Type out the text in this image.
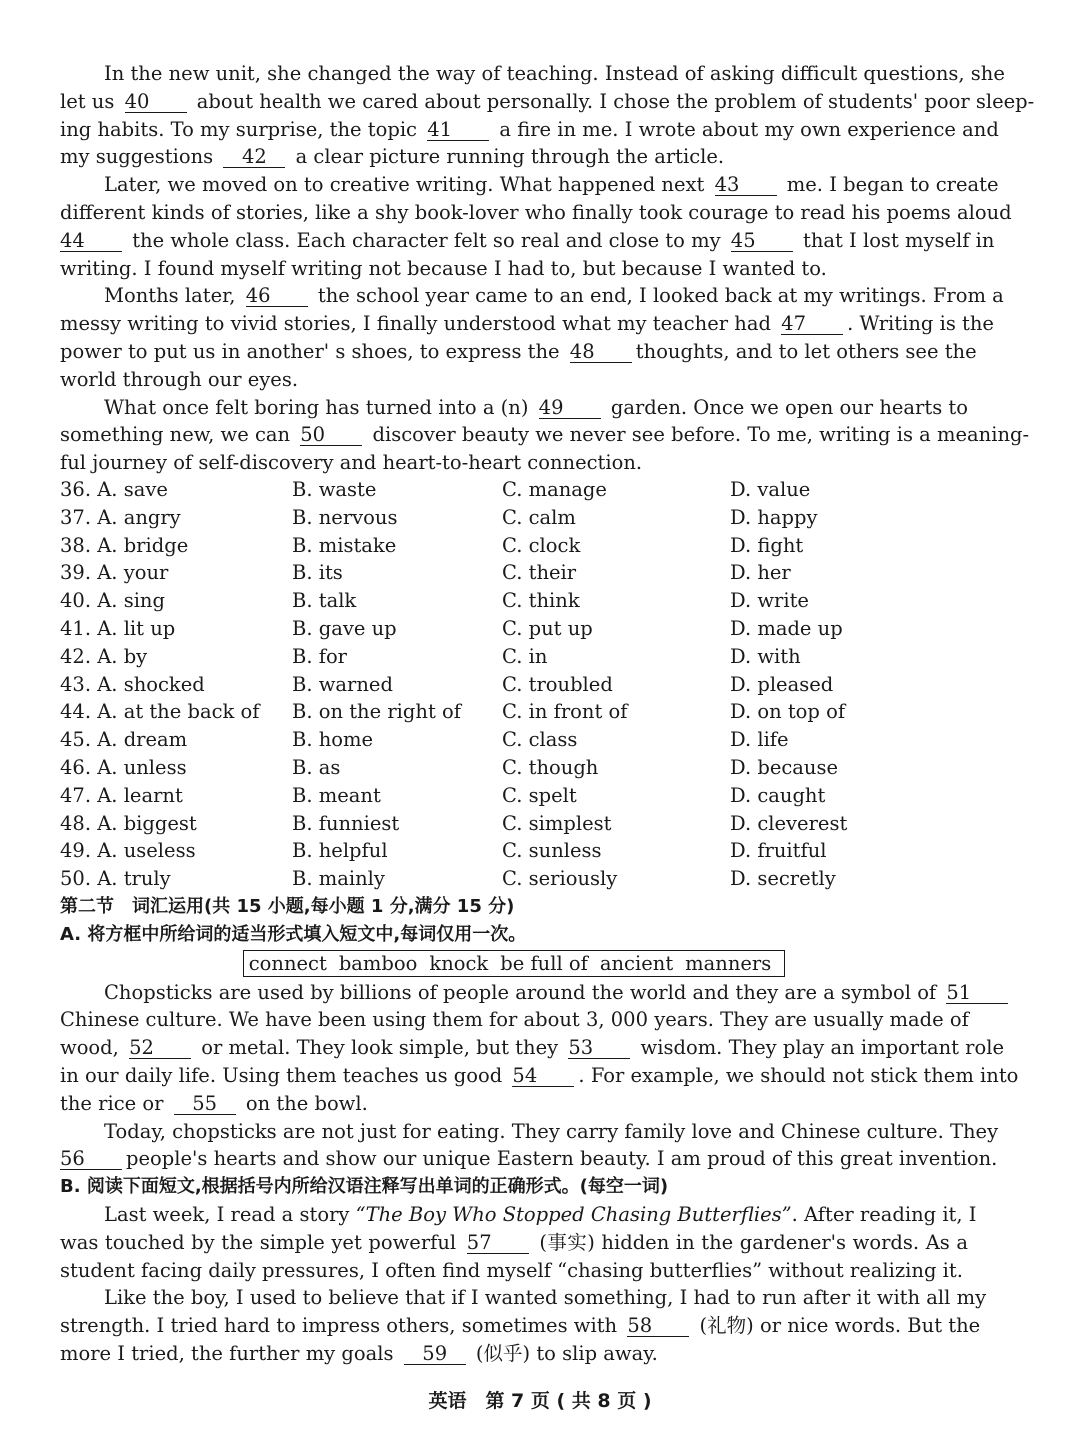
In the new unit, she changed the way of teaching. Instead of asking difficult questions, she
let us 40 about health we cared about personally. I chose the problem of students' poor sleep-
ing habits. To my surprise, the topic 41 a fire in me. I wrote about my own experience and
my suggestions 42 a clear picture running through the article.
Later, we moved on to creative writing. What happened next 43 me. I began to create
different kinds of stories, like a shy book-lover who finally took courage to read his poems aloud
44 the whole class. Each character felt so real and close to my 45 that I lost myself in
writing. I found myself writing not because I had to, but because I wanted to.
Months later, 46 the school year came to an end, I looked back at my writings. From a
messy writing to vivid stories, I finally understood what my teacher had 47 . Writing is the
power to put us in another' s shoes, to express the 48 thoughts, and to let others see the
world through our eyes.
What once felt boring has turned into a (n) 49 garden. Once we open our hearts to
something new, we can 50 discover beauty we never see before. To me, writing is a meaning-
ful journey of self-discovery and heart-to-heart connection.
36. A. save	B. waste	C. manage	D. value
37. A. angry	B. nervous	C. calm	D. happy
38. A. bridge	B. mistake	C. clock	D. fight
39. A. your	B. its	C. their	D. her
40. A. sing	B. talk	C. think	D. write
41. A. lit up	B. gave up	C. put up	D. made up
42. A. by	B. for	C. in	D. with
43. A. shocked	B. warned	C. troubled	D. pleased
44. A. at the back of B. on the right of C. in front of	D. on top of
45. A. dream	B. home	C. class	D. life
46. A. unless	B. as	C. though	D. because
47. A. learnt	B. meant	C. spelt	D. caught
48. A. biggest	B. funniest	C. simplest	D. cleverest
49. A. useless	B. helpful	C. sunless	D. fruitful
50. A. truly	B. mainly	C. seriously	D. secretly
第二节　词汇运用(共 15 小题,每小题 1 分,满分 15 分)
A. 将方框中所给词的适当形式填入短文中,每词仅用一次。
connect bamboo knock be full of ancient manners
Chopsticks are used by billions of people around the world and they are a symbol of 51
Chinese culture. We have been using them for about 3, 000 years. They are usually made of
wood, 52 or metal. They look simple, but they 53 wisdom. They play an important role
in our daily life. Using them teaches us good 54 . For example, we should not stick them into
the rice or 55 on the bowl.
Today, chopsticks are not just for eating. They carry family love and Chinese culture. They
56 people's hearts and show our unique Eastern beauty. I am proud of this great invention.
B. 阅读下面短文,根据括号内所给汉语注释写出单词的正确形式。(每空一词)
Last week, I read a story “The Boy Who Stopped Chasing Butterflies”. After reading it, I
was touched by the simple yet powerful 57 (事实) hidden in the gardener's words. As a
student facing daily pressures, I often find myself “chasing butterflies” without realizing it.
Like the boy, I used to believe that if I wanted something, I had to run after it with all my
strength. I tried hard to impress others, sometimes with 58 (礼物) or nice words. But the
more I tried, the further my goals 59 (似乎) to slip away.
英语　第 7 页 ( 共 8 页 )
